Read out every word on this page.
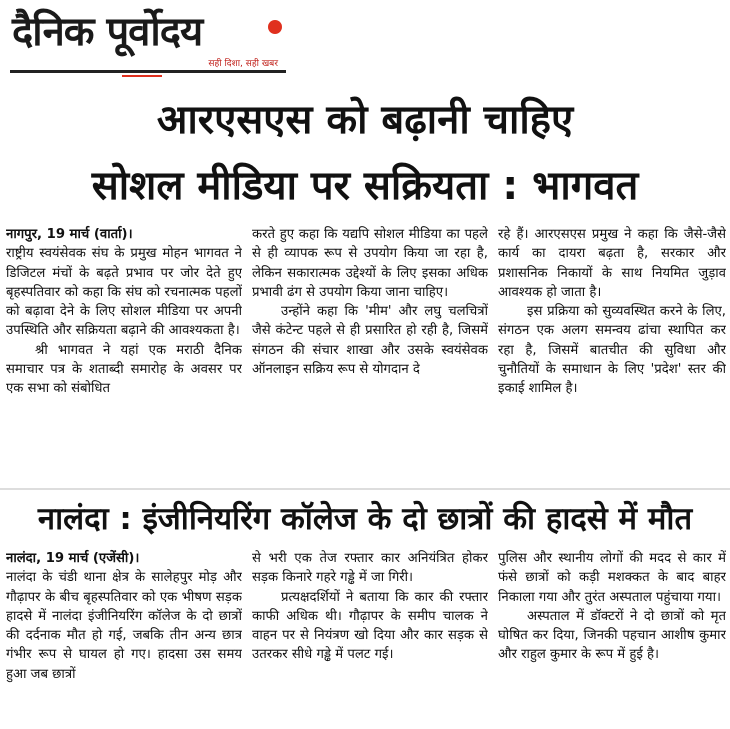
दैनिक पूर्वोदय
सही दिशा, सही खबर
आरएसएस को बढ़ानी चाहिए
सोशल मीडिया पर सक्रियता : भागवत

नागपुर, 19 मार्च (वार्ता)।
राष्ट्रीय स्वयंसेवक संघ के प्रमुख मोहन भागवत ने डिजिटल मंचों के बढ़ते प्रभाव पर जोर देते हुए बृहस्पतिवार को कहा कि संघ को रचनात्मक पहलों को बढ़ावा देने के लिए सोशल मीडिया पर अपनी उपस्थिति और सक्रियता बढ़ाने की आवश्यकता है।

श्री भागवत ने यहां एक मराठी दैनिक समाचार पत्र के शताब्दी समारोह के अवसर पर एक सभा को संबोधित

करते हुए कहा कि यद्यपि सोशल मीडिया का पहले से ही व्यापक रूप से उपयोग किया जा रहा है, लेकिन सकारात्मक उद्देश्यों के लिए इसका अधिक प्रभावी ढंग से उपयोग किया जाना चाहिए।

उन्होंने कहा कि 'मीम' और लघु चलचित्रों जैसे कंटेन्ट पहले से ही प्रसारित हो रही है, जिसमें संगठन की संचार शाखा और उसके स्वयंसेवक ऑनलाइन सक्रिय रूप से योगदान दे

रहे हैं। आरएसएस प्रमुख ने कहा कि जैसे-जैसे कार्य का दायरा बढ़ता है, सरकार और प्रशासनिक निकायों के साथ नियमित जुड़ाव आवश्यक हो जाता है।

इस प्रक्रिया को सुव्यवस्थित करने के लिए, संगठन एक अलग समन्वय ढांचा स्थापित कर रहा है, जिसमें बातचीत की सुविधा और चुनौतियों के समाधान के लिए 'प्रदेश' स्तर की इकाई शामिल है।

नालंदा : इंजीनियरिंग कॉलेज के दो छात्रों की हादसे में मौत

नालंदा, 19 मार्च (एजेंसी)।
नालंदा के चंडी थाना क्षेत्र के सालेहपुर मोड़ और गौढ़ापर के बीच बृहस्पतिवार को एक भीषण सड़क हादसे में नालंदा इंजीनियरिंग कॉलेज के दो छात्रों की दर्दनाक मौत हो गई, जबकि तीन अन्य छात्र गंभीर रूप से घायल हो गए। हादसा उस समय हुआ जब छात्रों

से भरी एक तेज रफ्तार कार अनियंत्रित होकर सड़क किनारे गहरे गड्ढे में जा गिरी।

प्रत्यक्षदर्शियों ने बताया कि कार की रफ्तार काफी अधिक थी। गौढ़ापर के समीप चालक ने वाहन पर से नियंत्रण खो दिया और कार सड़क से उतरकर सीधे गड्ढे में पलट गई।

पुलिस और स्थानीय लोगों की मदद से कार में फंसे छात्रों को कड़ी मशक्कत के बाद बाहर निकाला गया और तुरंत अस्पताल पहुंचाया गया।

अस्पताल में डॉक्टरों ने दो छात्रों को मृत घोषित कर दिया, जिनकी पहचान आशीष कुमार और राहुल कुमार के रूप में हुई है।
